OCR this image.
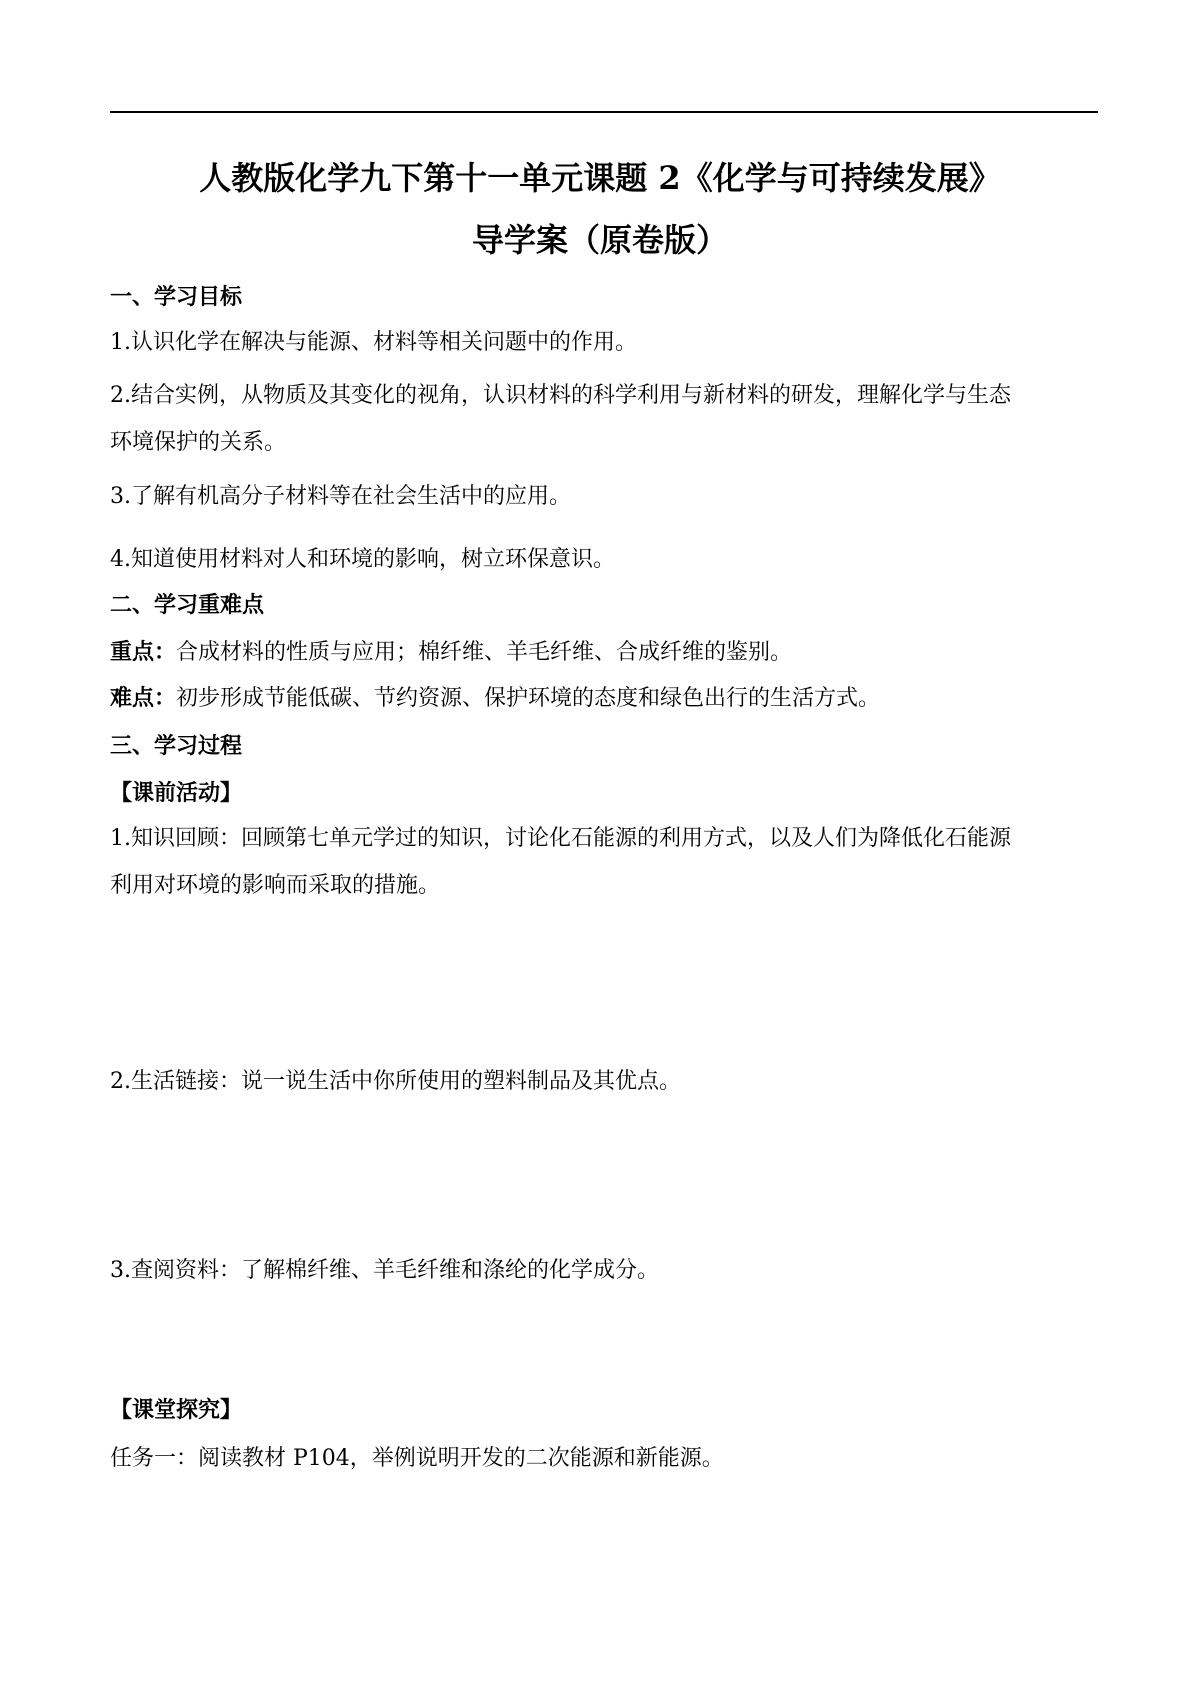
人教版化学九下第十一单元课题 2《化学与可持续发展》
导学案（原卷版）
一、学习目标
1.认识化学在解决与能源、材料等相关问题中的作用。
2.结合实例，从物质及其变化的视角，认识材料的科学利用与新材料的研发，理解化学与生态
环境保护的关系。
3.了解有机高分子材料等在社会生活中的应用。
4.知道使用材料对人和环境的影响，树立环保意识。
二、学习重难点
重点：合成材料的性质与应用；棉纤维、羊毛纤维、合成纤维的鉴别。
难点：初步形成节能低碳、节约资源、保护环境的态度和绿色出行的生活方式。
三、学习过程
【课前活动】
1.知识回顾：回顾第七单元学过的知识，讨论化石能源的利用方式，以及人们为降低化石能源
利用对环境的影响而采取的措施。
2.生活链接：说一说生活中你所使用的塑料制品及其优点。
3.查阅资料：了解棉纤维、羊毛纤维和涤纶的化学成分。
【课堂探究】
任务一：阅读教材 P104，举例说明开发的二次能源和新能源。
